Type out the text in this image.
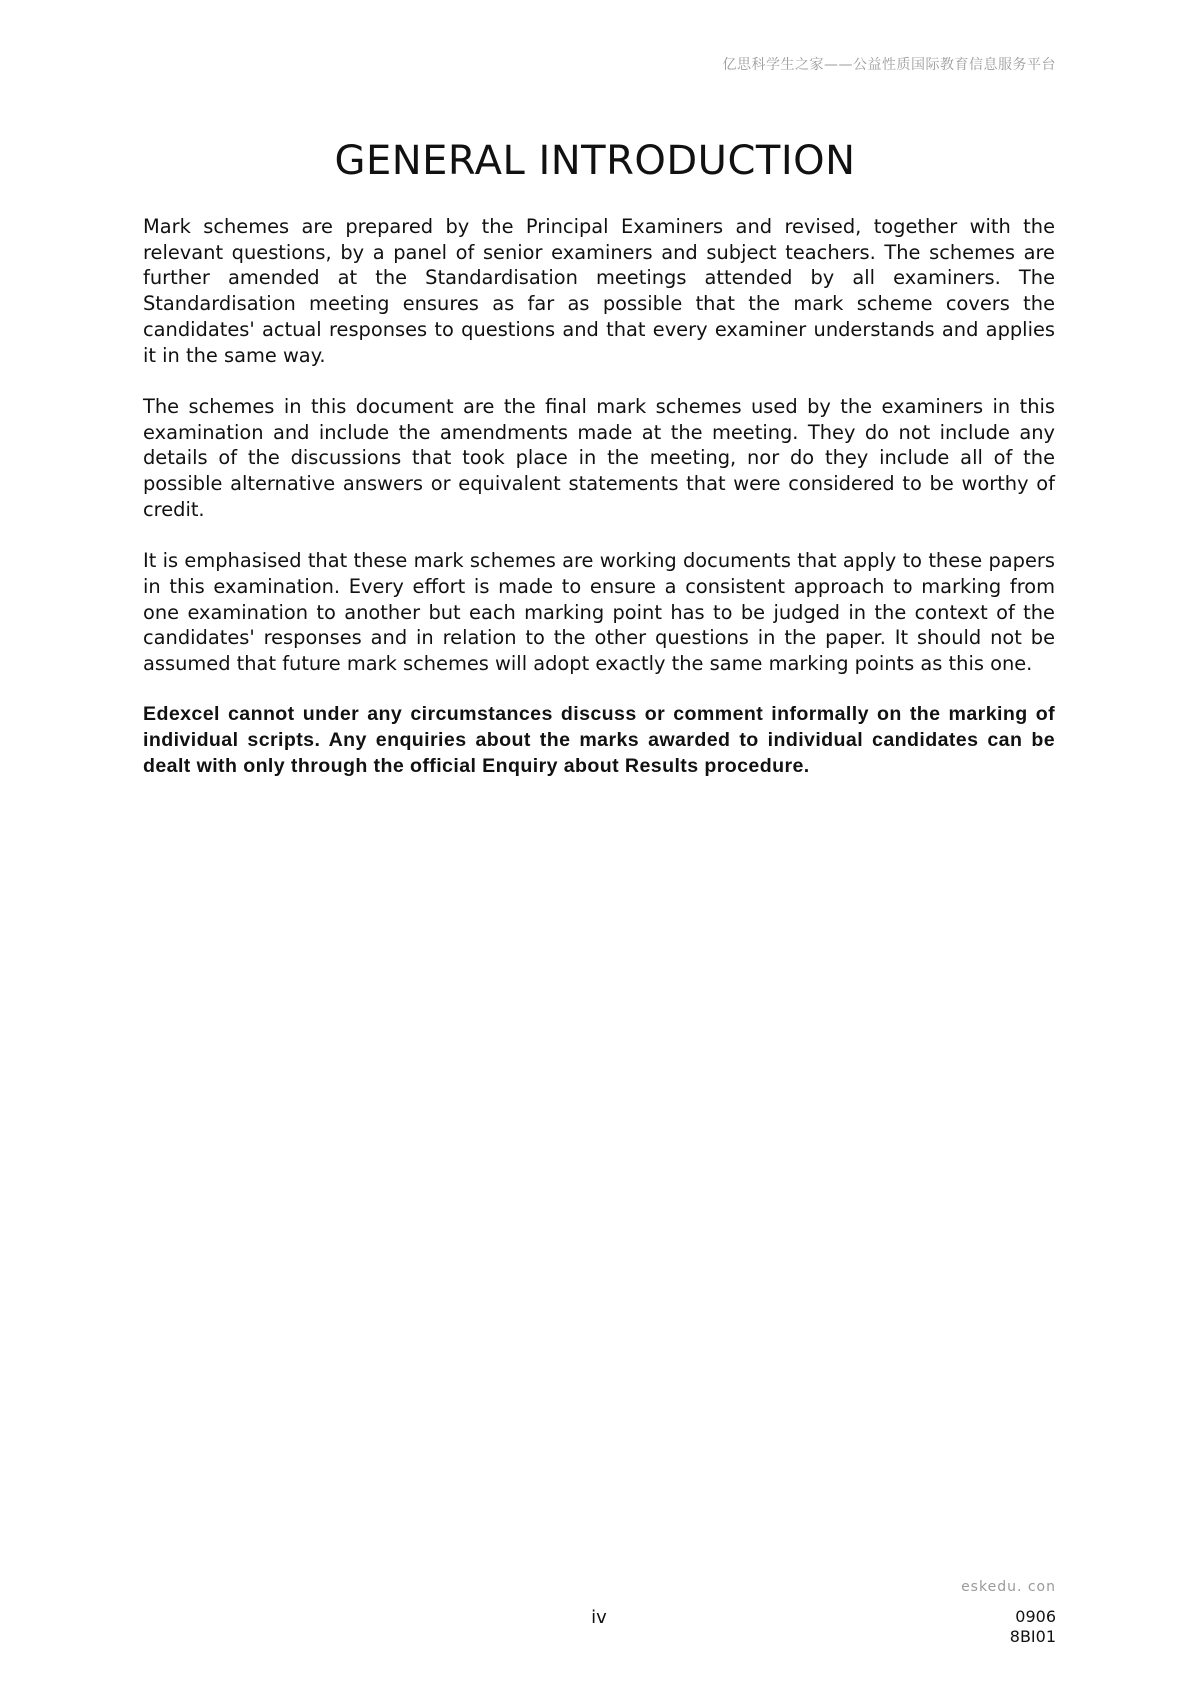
亿思科学生之家——公益性质国际教育信息服务平台
GENERAL INTRODUCTION

Mark schemes are prepared by the Principal Examiners and revised, together with the relevant questions, by a panel of senior examiners and subject teachers. The schemes are further amended at the Standardisation meetings attended by all examiners. The Standardisation meeting ensures as far as possible that the mark scheme covers the candidates' actual responses to questions and that every examiner understands and applies it in the same way.

The schemes in this document are the final mark schemes used by the examiners in this examination and include the amendments made at the meeting. They do not include any details of the discussions that took place in the meeting, nor do they include all of the possible alternative answers or equivalent statements that were considered to be worthy of credit.

It is emphasised that these mark schemes are working documents that apply to these papers in this examination. Every effort is made to ensure a consistent approach to marking from one examination to another but each marking point has to be judged in the context of the candidates' responses and in relation to the other questions in the paper. It should not be assumed that future mark schemes will adopt exactly the same marking points as this one.

Edexcel cannot under any circumstances discuss or comment informally on the marking of individual scripts. Any enquiries about the marks awarded to individual candidates can be dealt with only through the official Enquiry about Results procedure.

eskedu. con
iv	0906
8BI01
